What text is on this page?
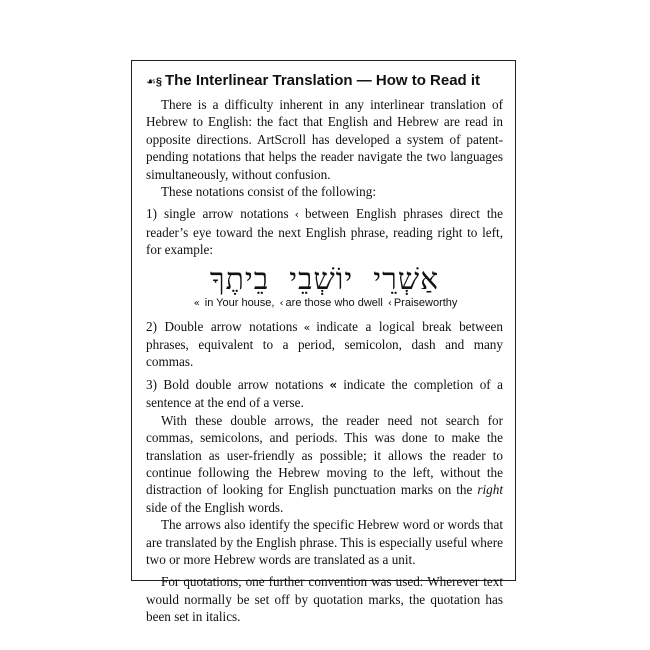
☙§ The Interlinear Translation — How to Read it

There is a difficulty inherent in any interlinear translation of Hebrew to English: the fact that English and Hebrew are read in opposite directions. ArtScroll has developed a system of patent-pending notations that helps the reader navigate the two languages simultaneously, without confusion.

These notations consist of the following:

1) single arrow notations ‹ between English phrases direct the reader’s eye toward the next English phrase, reading right to left, for example:

אַשְׁרֵייוֹשְׁבֵיבֵיתֶךָ
« in Your house, ‹ are those who dwell ‹ Praiseworthy

2) Double arrow notations « indicate a logical break between phrases, equivalent to a period, semicolon, dash and many commas.

3) Bold double arrow notations « indicate the completion of a sentence at the end of a verse.

With these double arrows, the reader need not search for commas, semicolons, and periods. This was done to make the translation as user-friendly as possible; it allows the reader to continue following the Hebrew moving to the left, without the distraction of looking for English punctuation marks on the right side of the English words.

The arrows also identify the specific Hebrew word or words that are translated by the English phrase. This is especially useful where two or more Hebrew words are translated as a unit.

For quotations, one further convention was used: Wherever text would normally be set off by quotation marks, the quotation has been set in italics.
